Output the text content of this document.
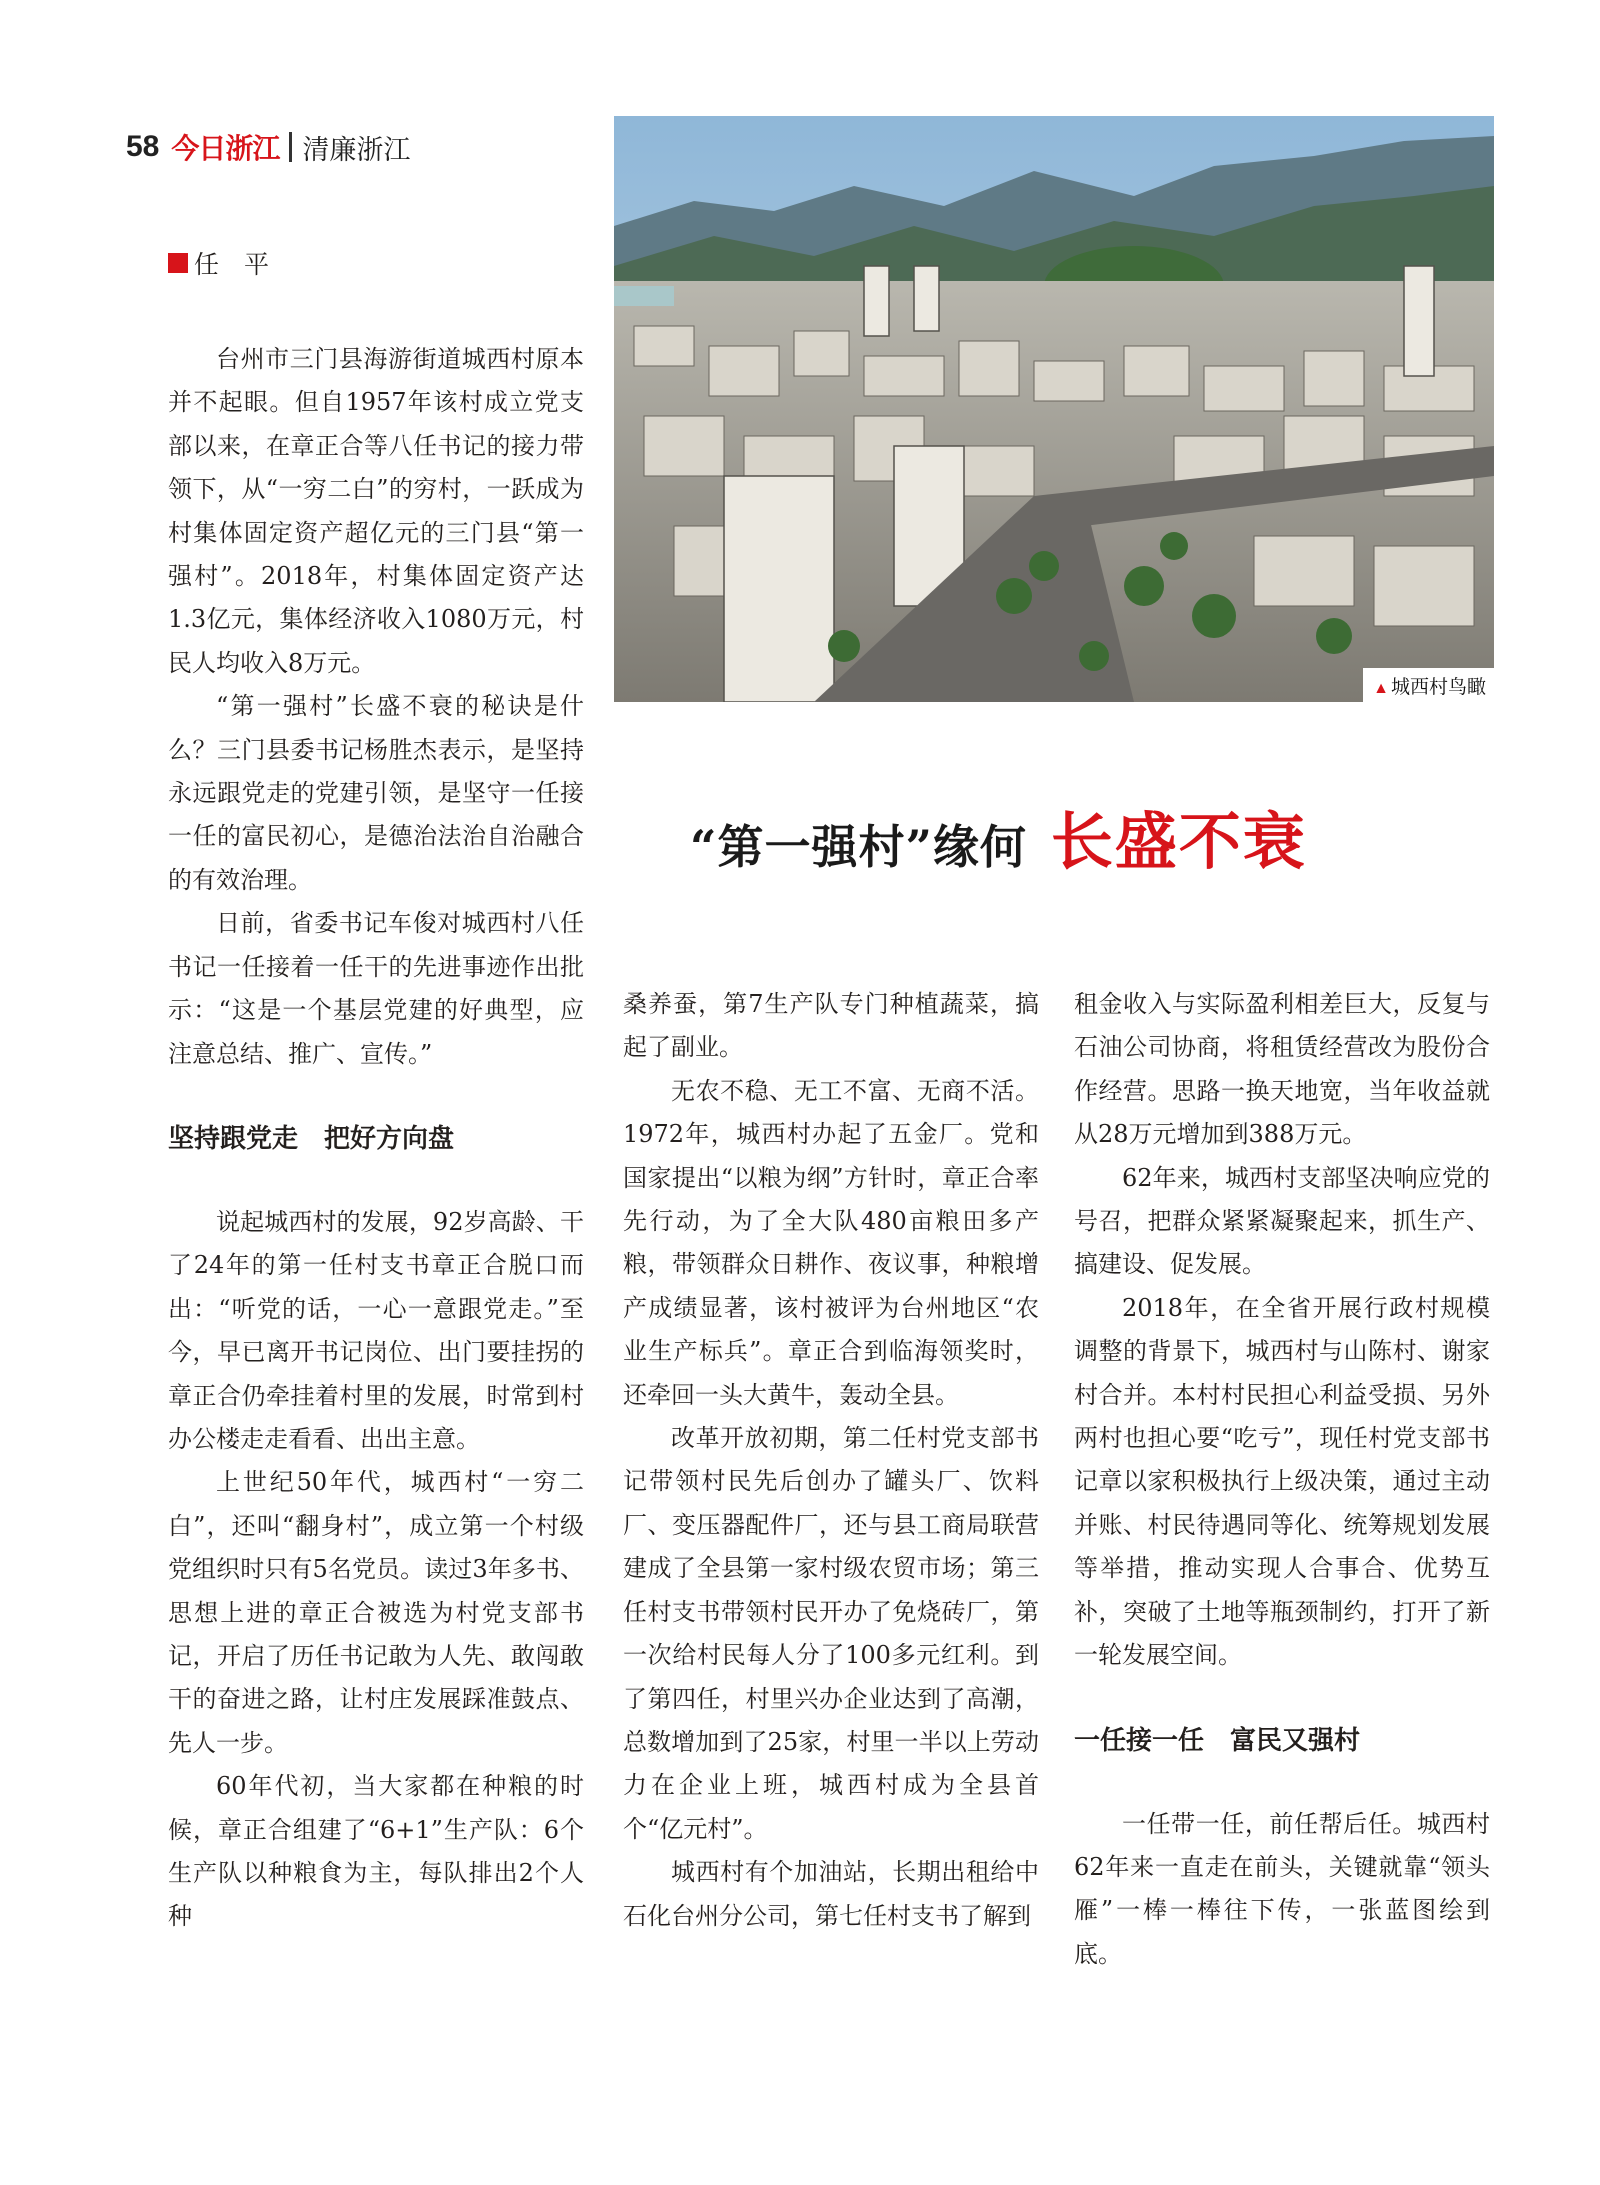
58 今日浙江 清廉浙江
▲ 城西村鸟瞰
任　平
“第一强村”缘何 长盛不衰

台州市三门县海游街道城西村原本并不起眼。但自1957年该村成立党支部以来，在章正合等八任书记的接力带领下，从“一穷二白”的穷村，一跃成为村集体固定资产超亿元的三门县“第一强村”。2018年，村集体固定资产达1.3亿元，集体经济收入1080万元，村民人均收入8万元。

“第一强村”长盛不衰的秘诀是什么？三门县委书记杨胜杰表示，是坚持永远跟党走的党建引领，是坚守一任接一任的富民初心，是德治法治自治融合的有效治理。

日前，省委书记车俊对城西村八任书记一任接着一任干的先进事迹作出批示：“这是一个基层党建的好典型，应注意总结、推广、宣传。”

坚持跟党走　把好方向盘

说起城西村的发展，92岁高龄、干了24年的第一任村支书章正合脱口而出：“听党的话，一心一意跟党走。”至今，早已离开书记岗位、出门要挂拐的章正合仍牵挂着村里的发展，时常到村办公楼走走看看、出出主意。

上世纪50年代，城西村“一穷二白”，还叫“翻身村”，成立第一个村级党组织时只有5名党员。读过3年多书、思想上进的章正合被选为村党支部书记，开启了历任书记敢为人先、敢闯敢干的奋进之路，让村庄发展踩准鼓点、先人一步。

60年代初，当大家都在种粮的时候，章正合组建了“6+1”生产队：6个生产队以种粮食为主，每队排出2个人种

桑养蚕，第7生产队专门种植蔬菜，搞起了副业。

无农不稳、无工不富、无商不活。1972年，城西村办起了五金厂。党和国家提出“以粮为纲”方针时，章正合率先行动，为了全大队480亩粮田多产粮，带领群众日耕作、夜议事，种粮增产成绩显著，该村被评为台州地区“农业生产标兵”。章正合到临海领奖时，还牵回一头大黄牛，轰动全县。

改革开放初期，第二任村党支部书记带领村民先后创办了罐头厂、饮料厂、变压器配件厂，还与县工商局联营建成了全县第一家村级农贸市场；第三任村支书带领村民开办了免烧砖厂，第一次给村民每人分了100多元红利。到了第四任，村里兴办企业达到了高潮，总数增加到了25家，村里一半以上劳动力在企业上班，城西村成为全县首个“亿元村”。

城西村有个加油站，长期出租给中石化台州分公司，第七任村支书了解到

租金收入与实际盈利相差巨大，反复与石油公司协商，将租赁经营改为股份合作经营。思路一换天地宽，当年收益就从28万元增加到388万元。

62年来，城西村支部坚决响应党的号召，把群众紧紧凝聚起来，抓生产、搞建设、促发展。

2018年，在全省开展行政村规模调整的背景下，城西村与山陈村、谢家村合并。本村村民担心利益受损、另外两村也担心要“吃亏”，现任村党支部书记章以家积极执行上级决策，通过主动并账、村民待遇同等化、统筹规划发展等举措，推动实现人合事合、优势互补，突破了土地等瓶颈制约，打开了新一轮发展空间。

一任接一任　富民又强村

一任带一任，前任帮后任。城西村62年来一直走在前头，关键就靠“领头雁”一棒一棒往下传，一张蓝图绘到底。
